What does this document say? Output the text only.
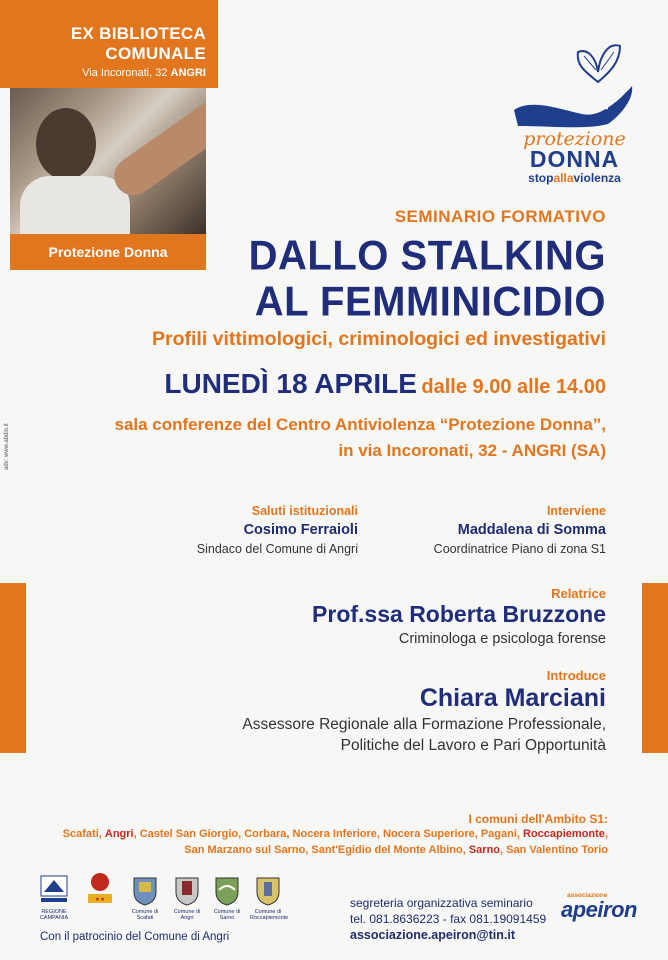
EX BIBLIOTECA
COMUNALE
Via Incoronati, 32 ANGRI
Protezione Donna
protezione
DONNA
stopallaviolenza
SEMINARIO FORMATIVO
DALLO STALKING
AL FEMMINICIDIO
Profili vittimologici, criminologici ed investigativi
LUNEDÌ 18 APRILE dalle 9.00 alle 14.00
sala conferenze del Centro Antiviolenza “Protezione Donna”,
in via Incoronati, 32 - ANGRI (SA)
adv: www.abdio.it
Saluti istituzionali
Cosimo Ferraioli
Sindaco del Comune di Angri
Interviene
Maddalena di Somma
Coordinatrice Piano di zona S1
Relatrice
Prof.ssa Roberta Bruzzone
Criminologa e psicologa forense
Introduce
Chiara Marciani
Assessore Regionale alla Formazione Professionale,
Politiche del Lavoro e Pari Opportunità
I comuni dell'Ambito S1:
Scafati, Angri, Castel San Giorgio, Corbara, Nocera Inferiore, Nocera Superiore, Pagani, Roccapiemonte,
San Marzano sul Sarno, Sant'Egidio del Monte Albino, Sarno, San Valentino Torio
★★
REGIONE CAMPANIA
Comune di Scafati
Comune di Angri
Comune di Sarno
Comune di Roccapiemonte
Con il patrocinio del Comune di Angri
segreteria organizzativa seminario
tel. 081.8636223 - fax 081.19091459
associazione.apeiron@tin.it
associazione
apeiron
